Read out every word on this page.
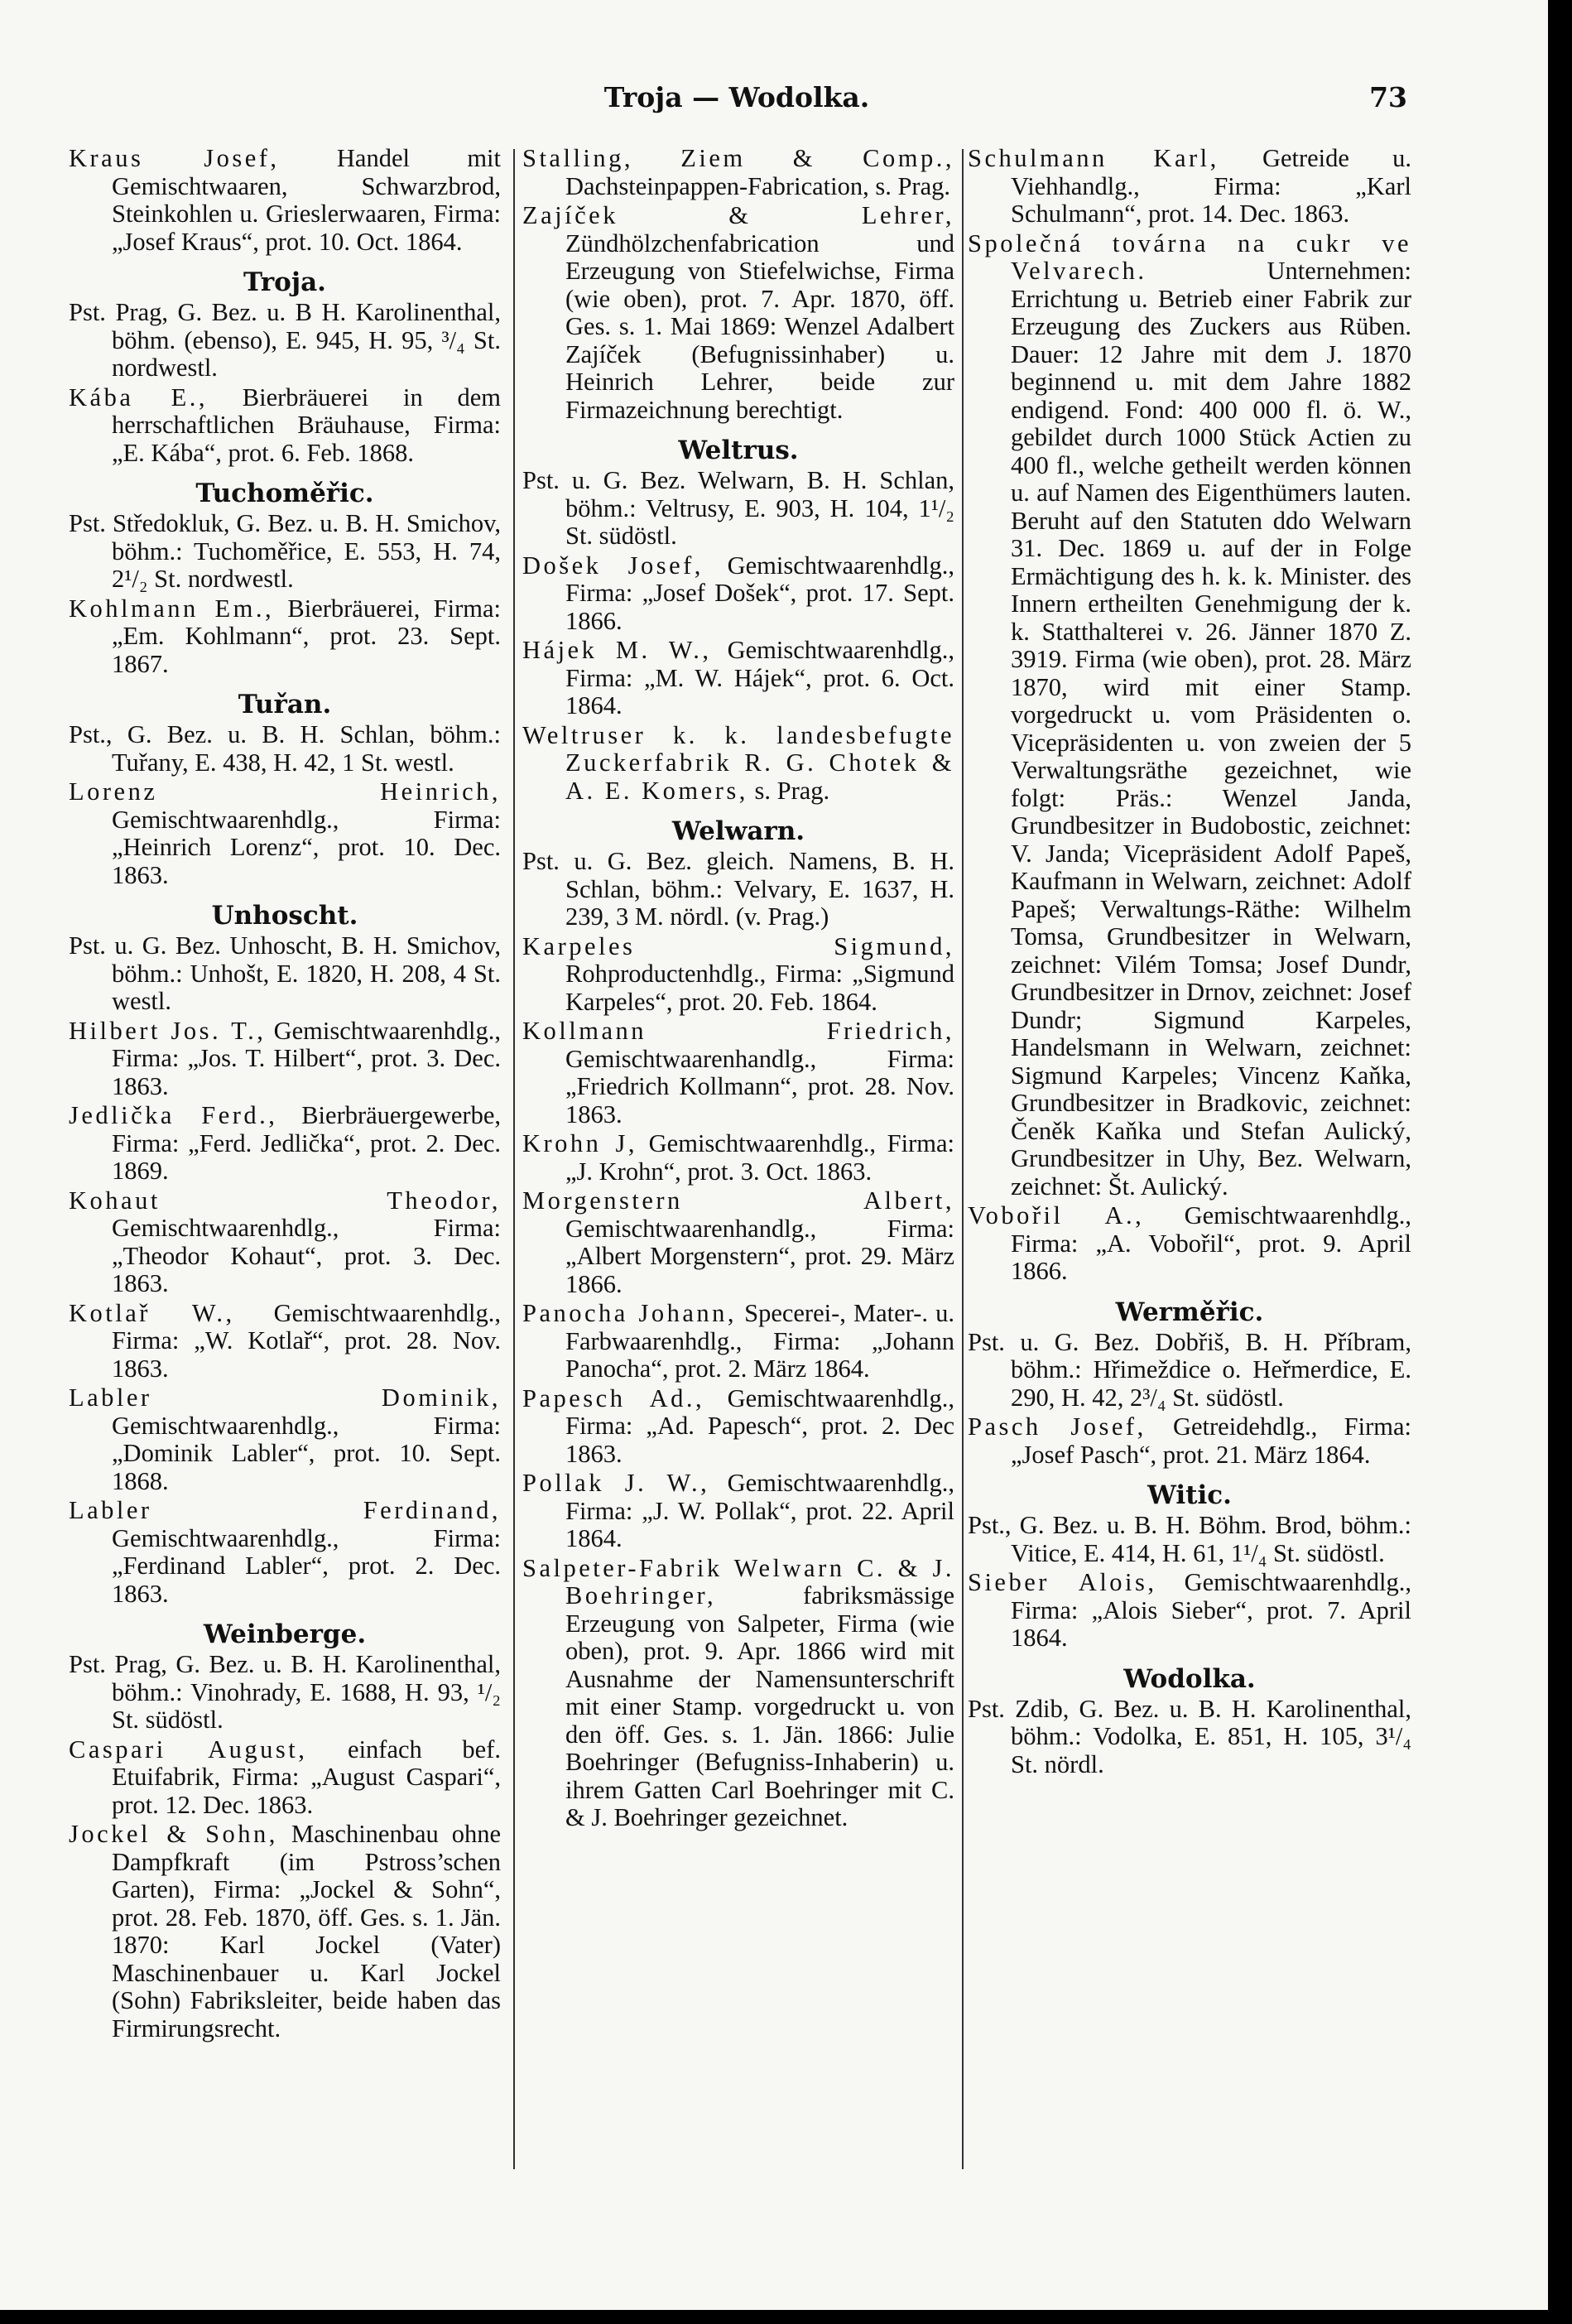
Troja — Wodolka.	73
Kraus Josef, Handel mit Gemischtwaaren, Schwarzbrod, Steinkohlen u. Grieslerwaaren, Firma: „Josef Kraus“, prot. 10. Oct. 1864.
Troja.
Pst. Prag, G. Bez. u. B H. Karolinenthal, böhm. (ebenso), E. 945, H. 95, ³/₄ St. nordwestl.
Kába E., Bierbräuerei in dem herrschaftlichen Bräuhause, Firma: „E. Kába“, prot. 6. Feb. 1868.
Tuchoměřic.
Pst. Středokluk, G. Bez. u. B. H. Smichov, böhm.: Tuchoměřice, E. 553, H. 74, 2¹/₂ St. nordwestl.
Kohlmann Em., Bierbräuerei, Firma: „Em. Kohlmann“, prot. 23. Sept. 1867.
Tuřan.
Pst., G. Bez. u. B. H. Schlan, böhm.: Tuřany, E. 438, H. 42, 1 St. westl.
Lorenz Heinrich, Gemischtwaarenhdlg., Firma: „Heinrich Lorenz“, prot. 10. Dec. 1863.
Unhoscht.
Pst. u. G. Bez. Unhoscht, B. H. Smichov, böhm.: Unhošt, E. 1820, H. 208, 4 St. westl.
Hilbert Jos. T., Gemischtwaarenhdlg., Firma: „Jos. T. Hilbert“, prot. 3. Dec. 1863.
Jedlička Ferd., Bierbräuergewerbe, Firma: „Ferd. Jedlička“, prot. 2. Dec. 1869.
Kohaut Theodor, Gemischtwaarenhdlg., Firma: „Theodor Kohaut“, prot. 3. Dec. 1863.
Kotlař W., Gemischtwaarenhdlg., Firma: „W. Kotlař“, prot. 28. Nov. 1863.
Labler Dominik, Gemischtwaarenhdlg., Firma: „Dominik Labler“, prot. 10. Sept. 1868.
Labler Ferdinand, Gemischtwaarenhdlg., Firma: „Ferdinand Labler“, prot. 2. Dec. 1863.
Weinberge.
Pst. Prag, G. Bez. u. B. H. Karolinenthal, böhm.: Vinohrady, E. 1688, H. 93, ¹/₂ St. südöstl.
Caspari August, einfach bef. Etuifabrik, Firma: „August Caspari“, prot. 12. Dec. 1863.
Jockel & Sohn, Maschinenbau ohne Dampfkraft (im Pstross’schen Garten), Firma: „Jockel & Sohn“, prot. 28. Feb. 1870, öff. Ges. s. 1. Jän. 1870: Karl Jockel (Vater) Maschinenbauer u. Karl Jockel (Sohn) Fabriksleiter, beide haben das Firmirungsrecht.
Stalling, Ziem & Comp., Dachsteinpappen-Fabrication, s. Prag.
Zajíček & Lehrer, Zündhölzchenfabrication und Erzeugung von Stiefelwichse, Firma (wie oben), prot. 7. Apr. 1870, öff. Ges. s. 1. Mai 1869: Wenzel Adalbert Zajíček (Befugnissinhaber) u. Heinrich Lehrer, beide zur Firmazeichnung berechtigt.
Weltrus.
Pst. u. G. Bez. Welwarn, B. H. Schlan, böhm.: Veltrusy, E. 903, H. 104, 1¹/₂ St. südöstl.
Došek Josef, Gemischtwaarenhdlg., Firma: „Josef Došek“, prot. 17. Sept. 1866.
Hájek M. W., Gemischtwaarenhdlg., Firma: „M. W. Hájek“, prot. 6. Oct. 1864.
Weltruser k. k. landesbefugte Zuckerfabrik R. G. Chotek & A. E. Komers, s. Prag.
Welwarn.
Pst. u. G. Bez. gleich. Namens, B. H. Schlan, böhm.: Velvary, E. 1637, H. 239, 3 M. nördl. (v. Prag.)
Karpeles Sigmund, Rohproductenhdlg., Firma: „Sigmund Karpeles“, prot. 20. Feb. 1864.
Kollmann Friedrich, Gemischtwaarenhandlg., Firma: „Friedrich Kollmann“, prot. 28. Nov. 1863.
Krohn J, Gemischtwaarenhdlg., Firma: „J. Krohn“, prot. 3. Oct. 1863.
Morgenstern Albert, Gemischtwaarenhandlg., Firma: „Albert Morgenstern“, prot. 29. März 1866.
Panocha Johann, Specerei-, Mater-. u. Farbwaarenhdlg., Firma: „Johann Panocha“, prot. 2. März 1864.
Papesch Ad., Gemischtwaarenhdlg., Firma: „Ad. Papesch“, prot. 2. Dec 1863.
Pollak J. W., Gemischtwaarenhdlg., Firma: „J. W. Pollak“, prot. 22. April 1864.
Salpeter-Fabrik Welwarn C. & J. Boehringer, fabriksmässige Erzeugung von Salpeter, Firma (wie oben), prot. 9. Apr. 1866 wird mit Ausnahme der Namensunterschrift mit einer Stamp. vorgedruckt u. von den öff. Ges. s. 1. Jän. 1866: Julie Boehringer (Befugniss-Inhaberin) u. ihrem Gatten Carl Boehringer mit C. & J. Boehringer gezeichnet.
Schulmann Karl, Getreide u. Viehhandlg., Firma: „Karl Schulmann“, prot. 14. Dec. 1863.
Společná továrna na cukr ve Velvarech. Unternehmen: Errichtung u. Betrieb einer Fabrik zur Erzeugung des Zuckers aus Rüben. Dauer: 12 Jahre mit dem J. 1870 beginnend u. mit dem Jahre 1882 endigend. Fond: 400 000 fl. ö. W., gebildet durch 1000 Stück Actien zu 400 fl., welche getheilt werden können u. auf Namen des Eigenthümers lauten. Beruht auf den Statuten ddo Welwarn 31. Dec. 1869 u. auf der in Folge Ermächtigung des h. k. k. Minister. des Innern ertheilten Genehmigung der k. k. Statthalterei v. 26. Jänner 1870 Z. 3919. Firma (wie oben), prot. 28. März 1870, wird mit einer Stamp. vorgedruckt u. vom Präsidenten o. Vicepräsidenten u. von zweien der 5 Verwaltungsräthe gezeichnet, wie folgt: Präs.: Wenzel Janda, Grundbesitzer in Budobostic, zeichnet: V. Janda; Vicepräsident Adolf Papeš, Kaufmann in Welwarn, zeichnet: Adolf Papeš; Verwaltungs-Räthe: Wilhelm Tomsa, Grundbesitzer in Welwarn, zeichnet: Vilém Tomsa; Josef Dundr, Grundbesitzer in Drnov, zeichnet: Josef Dundr; Sigmund Karpeles, Handelsmann in Welwarn, zeichnet: Sigmund Karpeles; Vincenz Kaňka, Grundbesitzer in Bradkovic, zeichnet: Čeněk Kaňka und Stefan Aulický, Grundbesitzer in Uhy, Bez. Welwarn, zeichnet: Št. Aulický.
Vobořil A., Gemischtwaarenhdlg., Firma: „A. Vobořil“, prot. 9. April 1866.
Werměřic.
Pst. u. G. Bez. Dobřiš, B. H. Příbram, böhm.: Hřimeždice o. Heřmerdice, E. 290, H. 42, 2³/₄ St. südöstl.
Pasch Josef, Getreidehdlg., Firma: „Josef Pasch“, prot. 21. März 1864.
Witic.
Pst., G. Bez. u. B. H. Böhm. Brod, böhm.: Vitice, E. 414, H. 61, 1¹/₄ St. südöstl.
Sieber Alois, Gemischtwaarenhdlg., Firma: „Alois Sieber“, prot. 7. April 1864.
Wodolka.
Pst. Zdib, G. Bez. u. B. H. Karolinenthal, böhm.: Vodolka, E. 851, H. 105, 3¹/₄ St. nördl.
